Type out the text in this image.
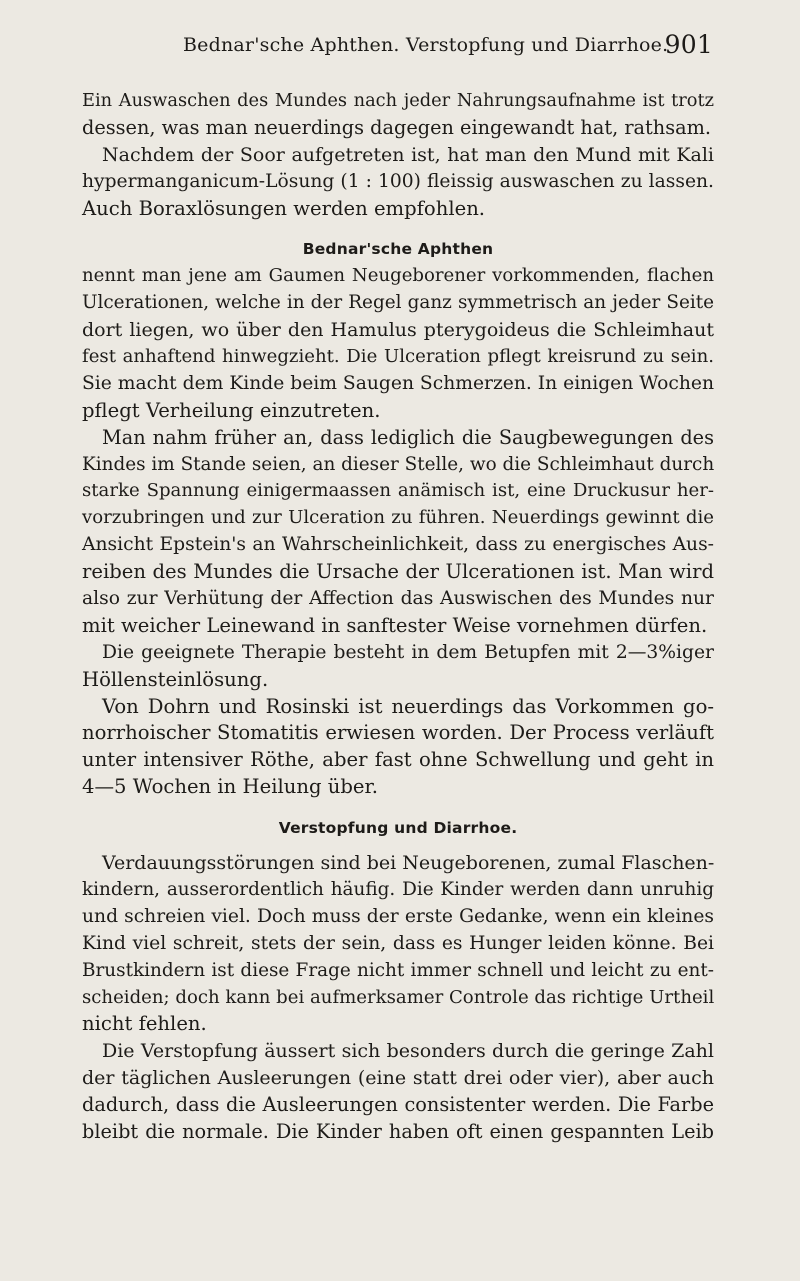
Bednar'sche Aphthen. Verstopfung und Diarrhoe.
901
Ein Auswaschen des Mundes nach jeder Nahrungsaufnahme ist trotz
dessen, was man neuerdings dagegen eingewandt hat, rathsam.
Nachdem der Soor aufgetreten ist, hat man den Mund mit Kali
hypermanganicum-Lösung (1 : 100) fleissig auswaschen zu lassen.
Auch Boraxlösungen werden empfohlen.
Bednar'sche Aphthen
nennt man jene am Gaumen Neugeborener vorkommenden, flachen
Ulcerationen, welche in der Regel ganz symmetrisch an jeder Seite
dort liegen, wo über den Hamulus pterygoideus die Schleimhaut
fest anhaftend hinwegzieht. Die Ulceration pflegt kreisrund zu sein.
Sie macht dem Kinde beim Saugen Schmerzen. In einigen Wochen
pflegt Verheilung einzutreten.
Man nahm früher an, dass lediglich die Saugbewegungen des
Kindes im Stande seien, an dieser Stelle, wo die Schleimhaut durch
starke Spannung einigermaassen anämisch ist, eine Druckusur her-
vorzubringen und zur Ulceration zu führen. Neuerdings gewinnt die
Ansicht Epstein's an Wahrscheinlichkeit, dass zu energisches Aus-
reiben des Mundes die Ursache der Ulcerationen ist. Man wird
also zur Verhütung der Affection das Auswischen des Mundes nur
mit weicher Leinewand in sanftester Weise vornehmen dürfen.
Die geeignete Therapie besteht in dem Betupfen mit 2—3%iger
Höllensteinlösung.
Von Dohrn und Rosinski ist neuerdings das Vorkommen go-
norrhoischer Stomatitis erwiesen worden. Der Process verläuft
unter intensiver Röthe, aber fast ohne Schwellung und geht in
4—5 Wochen in Heilung über.
Verstopfung und Diarrhoe.
Verdauungsstörungen sind bei Neugeborenen, zumal Flaschen-
kindern, ausserordentlich häufig. Die Kinder werden dann unruhig
und schreien viel. Doch muss der erste Gedanke, wenn ein kleines
Kind viel schreit, stets der sein, dass es Hunger leiden könne. Bei
Brustkindern ist diese Frage nicht immer schnell und leicht zu ent-
scheiden; doch kann bei aufmerksamer Controle das richtige Urtheil
nicht fehlen.
Die Verstopfung äussert sich besonders durch die geringe Zahl
der täglichen Ausleerungen (eine statt drei oder vier), aber auch
dadurch, dass die Ausleerungen consistenter werden. Die Farbe
bleibt die normale. Die Kinder haben oft einen gespannten Leib
